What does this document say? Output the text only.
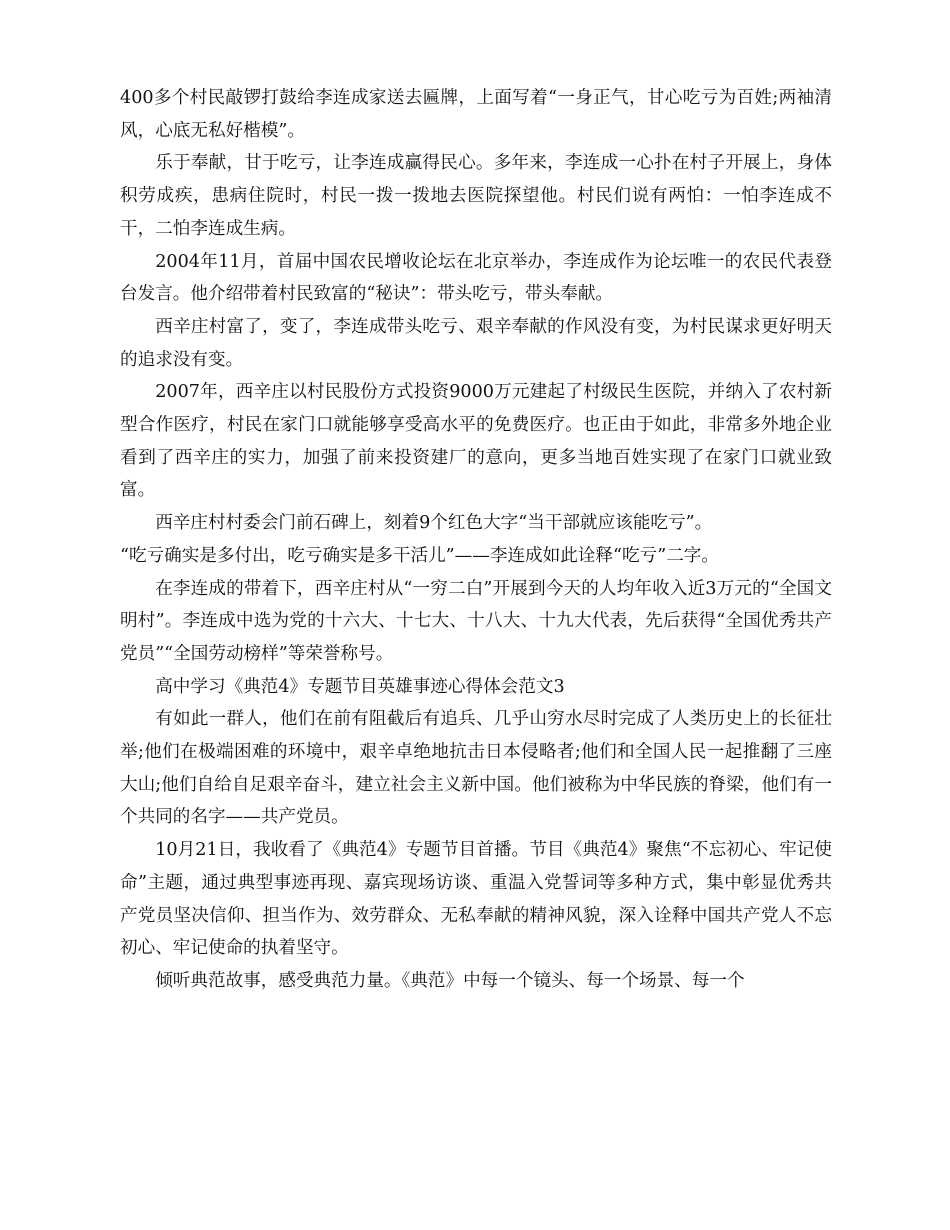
400多个村民敲锣打鼓给李连成家送去匾牌，上面写着“一身正气，甘心吃亏为百姓;两袖清风，心底无私好楷模”。

乐于奉献，甘于吃亏，让李连成赢得民心。多年来，李连成一心扑在村子开展上，身体积劳成疾，患病住院时，村民一拨一拨地去医院探望他。村民们说有两怕：一怕李连成不干，二怕李连成生病。

2004年11月，首届中国农民增收论坛在北京举办，李连成作为论坛唯一的农民代表登台发言。他介绍带着村民致富的“秘诀”：带头吃亏，带头奉献。

西辛庄村富了，变了，李连成带头吃亏、艰辛奉献的作风没有变，为村民谋求更好明天的追求没有变。

2007年，西辛庄以村民股份方式投资9000万元建起了村级民生医院，并纳入了农村新型合作医疗，村民在家门口就能够享受高水平的免费医疗。也正由于如此，非常多外地企业看到了西辛庄的实力，加强了前来投资建厂的意向，更多当地百姓实现了在家门口就业致富。

西辛庄村村委会门前石碑上，刻着9个红色大字“当干部就应该能吃亏”。

“吃亏确实是多付出，吃亏确实是多干活儿”——李连成如此诠释“吃亏”二字。

在李连成的带着下，西辛庄村从“一穷二白”开展到今天的人均年收入近3万元的“全国文明村”。李连成中选为党的十六大、十七大、十八大、十九大代表，先后获得“全国优秀共产党员”“全国劳动榜样”等荣誉称号。

高中学习《典范4》专题节目英雄事迹心得体会范文3

有如此一群人，他们在前有阻截后有追兵、几乎山穷水尽时完成了人类历史上的长征壮举;他们在极端困难的环境中，艰辛卓绝地抗击日本侵略者;他们和全国人民一起推翻了三座大山;他们自给自足艰辛奋斗，建立社会主义新中国。他们被称为中华民族的脊梁，他们有一个共同的名字——共产党员。

10月21日，我收看了《典范4》专题节目首播。节目《典范4》聚焦“不忘初心、牢记使命”主题，通过典型事迹再现、嘉宾现场访谈、重温入党誓词等多种方式，集中彰显优秀共产党员坚决信仰、担当作为、效劳群众、无私奉献的精神风貌，深入诠释中国共产党人不忘初心、牢记使命的执着坚守。

倾听典范故事，感受典范力量。《典范》中每一个镜头、每一个场景、每一个
